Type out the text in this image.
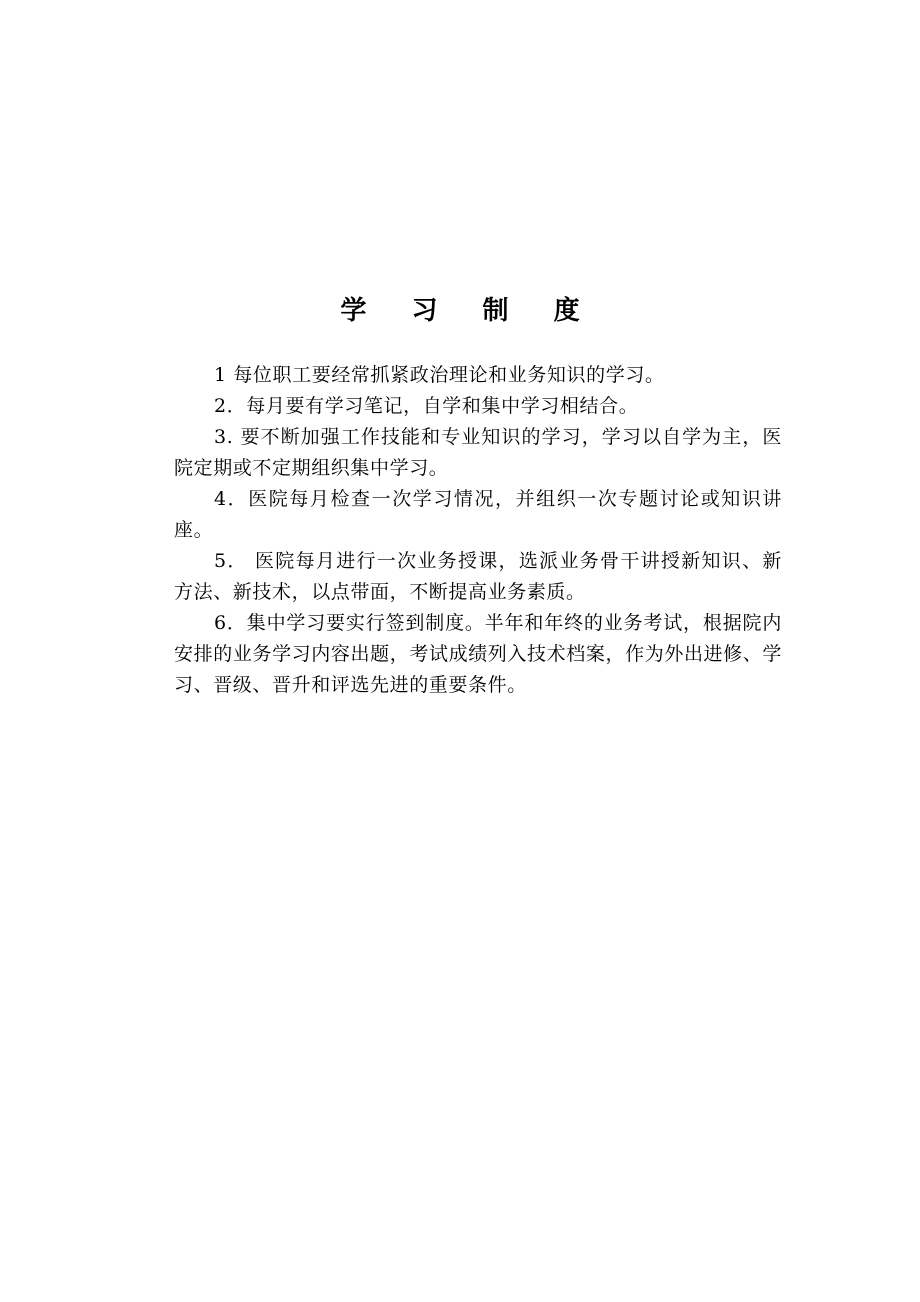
学 习 制 度

1 每位职工要经常抓紧政治理论和业务知识的学习。

2．每月要有学习笔记，自学和集中学习相结合。

3. 要不断加强工作技能和专业知识的学习，学习以自学为主，医院定期或不定期组织集中学习。

4．医院每月检查一次学习情况，并组织一次专题讨论或知识讲座。

5． 医院每月进行一次业务授课，选派业务骨干讲授新知识、新方法、新技术，以点带面，不断提高业务素质。

6．集中学习要实行签到制度。半年和年终的业务考试，根据院内安排的业务学习内容出题，考试成绩列入技术档案，作为外出进修、学习、晋级、晋升和评选先进的重要条件。
